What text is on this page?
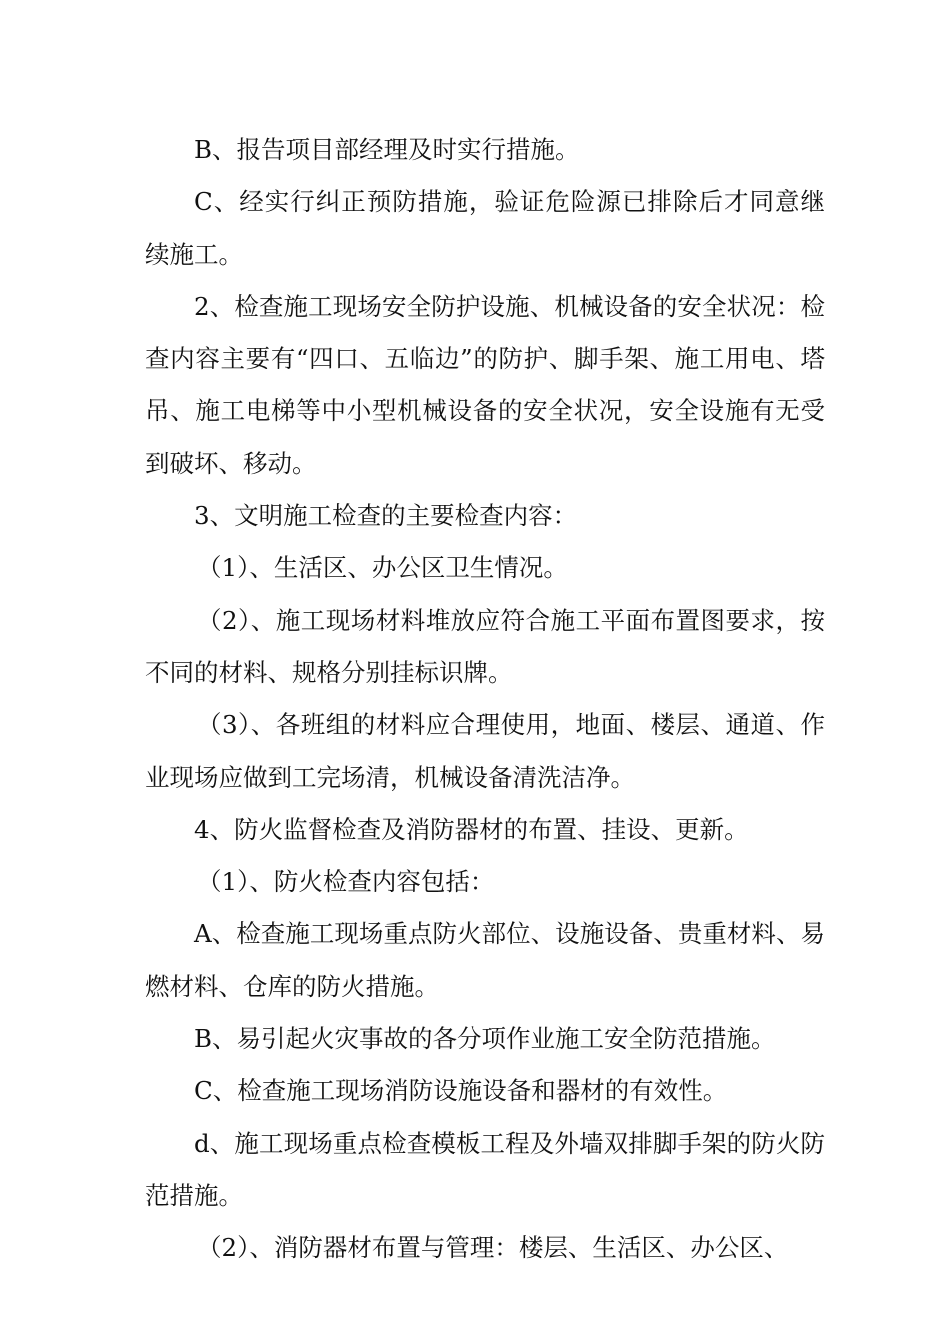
B、报告项目部经理及时实行措施。

C、经实行纠正预防措施，验证危险源已排除后才同意继续施工。

2、检查施工现场安全防护设施、机械设备的安全状况：检查内容主要有“四口、五临边”的防护、脚手架、施工用电、塔吊、施工电梯等中小型机械设备的安全状况，安全设施有无受到破坏、移动。

3、文明施工检查的主要检查内容：

（1）、生活区、办公区卫生情况。

（2）、施工现场材料堆放应符合施工平面布置图要求，按不同的材料、规格分别挂标识牌。

（3）、各班组的材料应合理使用，地面、楼层、通道、作业现场应做到工完场清，机械设备清洗洁净。

4、防火监督检查及消防器材的布置、挂设、更新。

（1）、防火检查内容包括：

A、检查施工现场重点防火部位、设施设备、贵重材料、易燃材料、仓库的防火措施。

B、易引起火灾事故的各分项作业施工安全防范措施。

C、检查施工现场消防设施设备和器材的有效性。

d、施工现场重点检查模板工程及外墙双排脚手架的防火防范措施。

（2）、消防器材布置与管理：楼层、生活区、办公区、
